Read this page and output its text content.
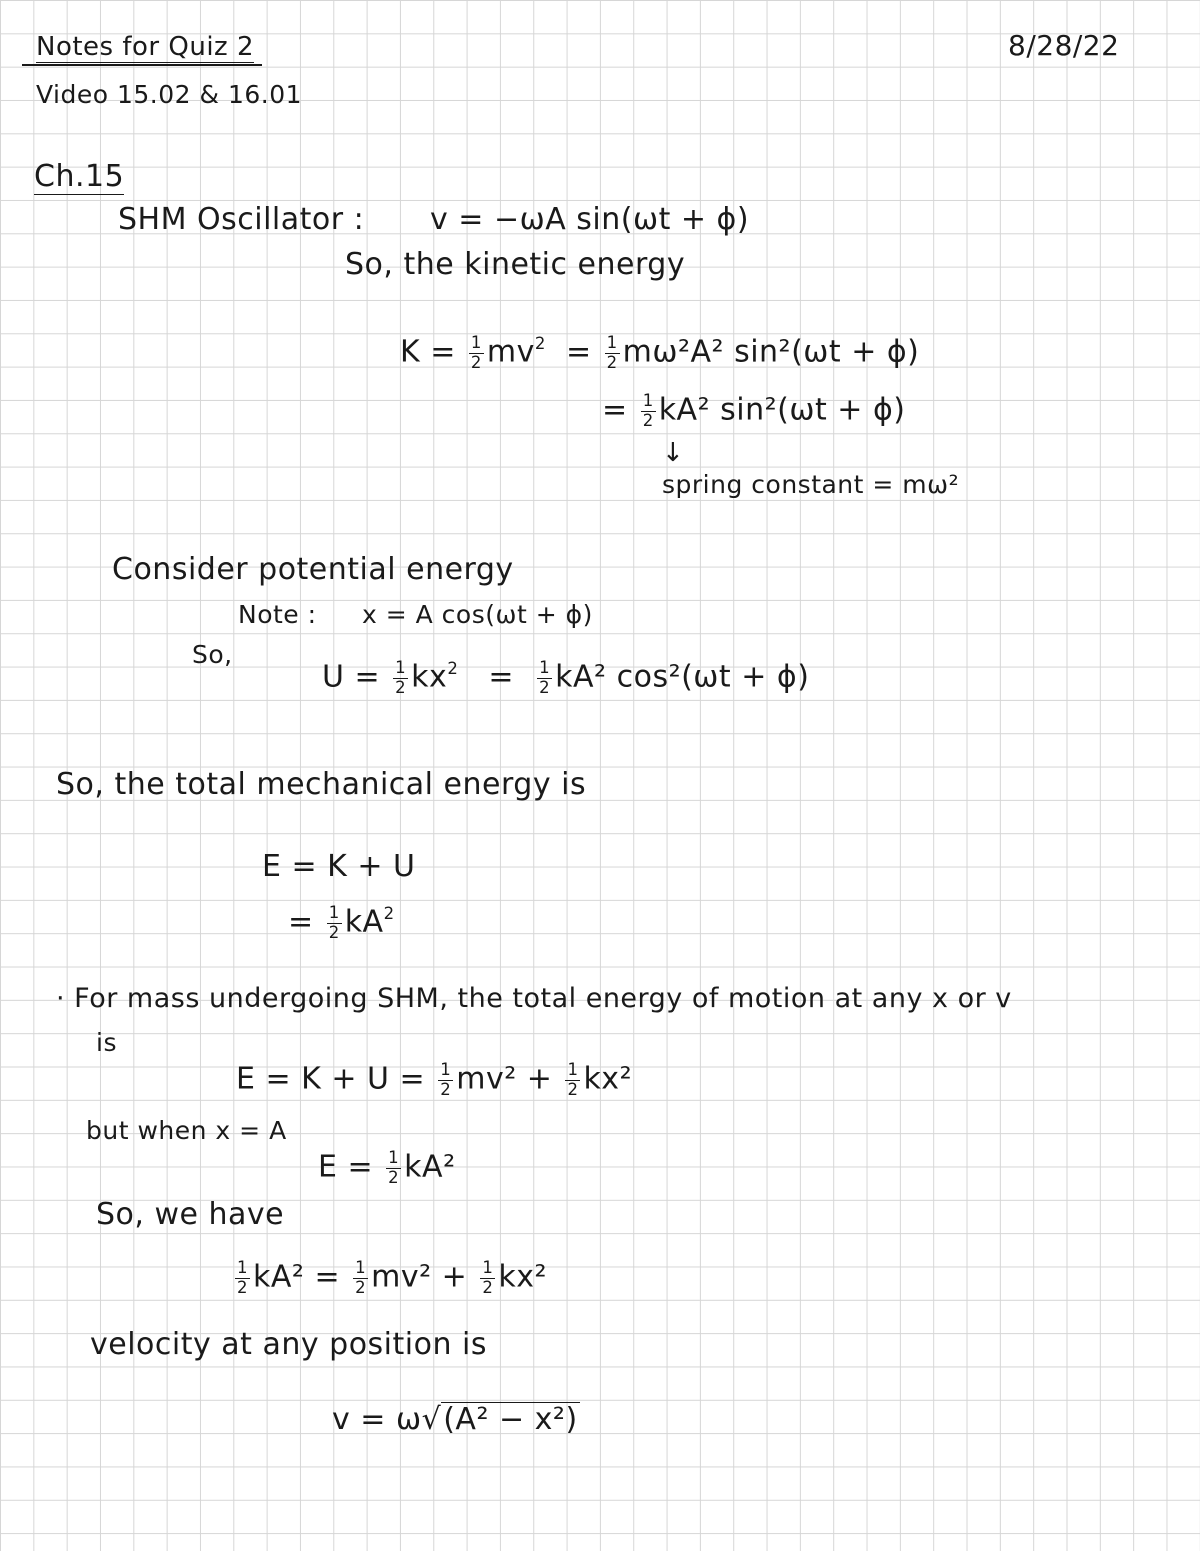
Notes for Quiz 2	8/28/22

Video 15.02 & 16.01

Ch.15

SHM Oscillator : v = −ωA sin(ωt + ϕ)

So, the kinetic energy

$K = \frac{1}{2} mv^2 = \frac{1}{2} m\omega^2A^2$ sin²(ωt + ϕ)

= $\frac{1}{2} kA^2$ sin²(ωt + ϕ)

↓

spring constant = mω²

Consider potential energy

Note : x = A cos(ωt + ϕ)

So,

$U = \frac{1}{2} kx^2 = \frac{1}{2} kA^2$ cos²(ωt + ϕ)

So, the total mechanical energy is

E = K + U

= $\frac{1}{2} kA^2$

· For mass undergoing SHM, the total energy of motion at any x or v

is

$E = K + U = \frac{1}{2} mv^2 + \frac{1}{2} kx^2$

but when x = A

$E = \frac{1}{2} kA^2$

So, we have

$\frac{1}{2} kA^2 = \frac{1}{2} mv^2 + \frac{1}{2} kx^2$

velocity at any position is

v = ω√(A² − x²)
